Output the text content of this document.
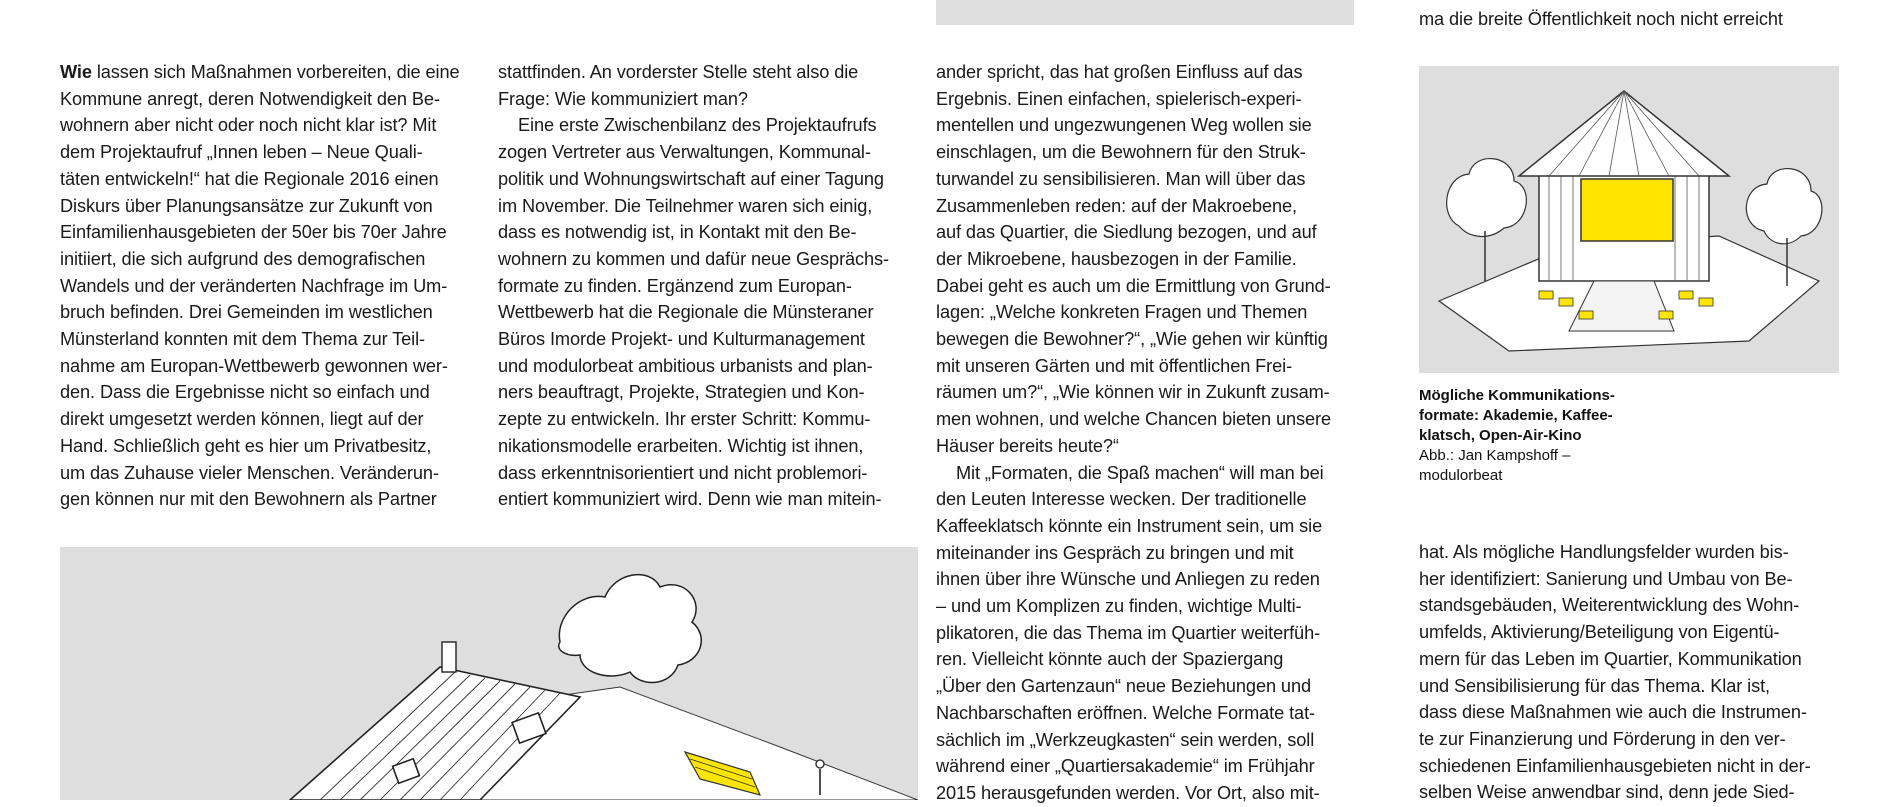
Wie lassen sich Maßnahmen vorbereiten, die eine
Kommune anregt, deren Notwendigkeit den Be-
wohnern aber nicht oder noch nicht klar ist? Mit
dem Projektaufruf „Innen leben – Neue Quali-
täten entwickeln!“ hat die Regionale 2016 einen
Diskurs über Planungsansätze zur Zukunft von
Einfamilienhausgebieten der 50er bis 70er Jahre
initiiert, die sich aufgrund des demografischen
Wandels und der veränderten Nachfrage im Um-
bruch befinden. Drei Gemeinden im westlichen
Münsterland konnten mit dem Thema zur Teil-
nahme am Europan-Wettbewerb gewonnen wer-
den. Dass die Ergebnisse nicht so einfach und
direkt umgesetzt werden können, liegt auf der
Hand. Schließlich geht es hier um Privatbesitz,
um das Zuhause vieler Menschen. Veränderun-
gen können nur mit den Bewohnern als Partner

stattfinden. An vorderster Stelle steht also die
Frage: Wie kommuniziert man?
Eine erste Zwischenbilanz des Projektaufrufs
zogen Vertreter aus Verwaltungen, Kommunal-
politik und Wohnungswirtschaft auf einer Tagung
im November. Die Teilnehmer waren sich einig,
dass es notwendig ist, in Kontakt mit den Be-
wohnern zu kommen und dafür neue Gesprächs-
formate zu finden. Ergänzend zum Europan-
Wettbewerb hat die Regionale die Münsteraner
Büros Imorde Projekt- und Kulturmanagement
und modulorbeat ambitious urbanists and plan-
ners beauftragt, Projekte, Strategien und Kon-
zepte zu entwickeln. Ihr erster Schritt: Kommu-
nikationsmodelle erarbeiten. Wichtig ist ihnen,
dass erkenntnisorientiert und nicht problemori-
entiert kommuniziert wird. Denn wie man mitein-

ander spricht, das hat großen Einfluss auf das
Ergebnis. Einen einfachen, spielerisch-experi-
mentellen und ungezwungenen Weg wollen sie
einschlagen, um die Bewohnern für den Struk-
turwandel zu sensibilisieren. Man will über das
Zusammenleben reden: auf der Makroebene,
auf das Quartier, die Siedlung bezogen, und auf
der Mikroebene, hausbezogen in der Familie.
Dabei geht es auch um die Ermittlung von Grund-
lagen: „Welche konkreten Fragen und Themen
bewegen die Bewohner?“, „Wie gehen wir künftig
mit unseren Gärten und mit öffentlichen Frei-
räumen um?“, „Wie können wir in Zukunft zusam-
men wohnen, und welche Chancen bieten unsere
Häuser bereits heute?“
Mit „Formaten, die Spaß machen“ will man bei
den Leuten Interesse wecken. Der traditionelle
Kaffeeklatsch könnte ein Instrument sein, um sie
miteinander ins Gespräch zu bringen und mit
ihnen über ihre Wünsche und Anliegen zu reden
– und um Komplizen zu finden, wichtige Multi-
plikatoren, die das Thema im Quartier weiterfüh-
ren. Vielleicht könnte auch der Spaziergang
„Über den Gartenzaun“ neue Beziehungen und
Nachbarschaften eröffnen. Welche Formate tat-
sächlich im „Werkzeugkasten“ sein werden, soll
während einer „Quartiersakademie“ im Frühjahr
2015 herausgefunden werden. Vor Ort, also mit-

ma die breite Öffentlichkeit noch nicht erreicht
Mögliche Kommunikations-
formate: Akademie, Kaffee-
klatsch, Open-Air-Kino
Abb.: Jan Kampshoff –
modulorbeat

hat. Als mögliche Handlungsfelder wurden bis-
her identifiziert: Sanierung und Umbau von Be-
standsgebäuden, Weiterentwicklung des Wohn-
umfelds, Aktivierung/Beteiligung von Eigentü-
mern für das Leben im Quartier, Kommunikation
und Sensibilisierung für das Thema. Klar ist,
dass diese Maßnahmen wie auch die Instrumen-
te zur Finanzierung und Förderung in den ver-
schiedenen Einfamilienhausgebieten nicht in der-
selben Weise anwendbar sind, denn jede Sied-
